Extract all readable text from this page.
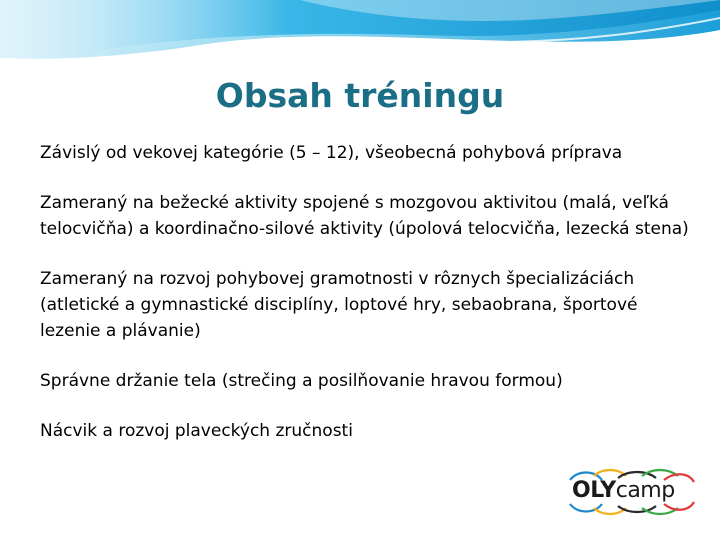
Obsah tréningu

Závislý od vekovej kategórie (5 – 12), všeobecná pohybová príprava

Zameraný na bežecké aktivity spojené s mozgovou aktivitou (malá, veľká telocvičňa) a koordinačno-silové aktivity (úpolová telocvičňa, lezecká stena)

Zameraný na rozvoj pohybovej gramotnosti v rôznych špecializáciách (atletické a gymnastické disciplíny, loptové hry, sebaobrana, športové lezenie a plávanie)

Správne držanie tela (strečing a posilňovanie hravou formou)

Nácvik a rozvoj plaveckých zručnosti

OLYcamp
